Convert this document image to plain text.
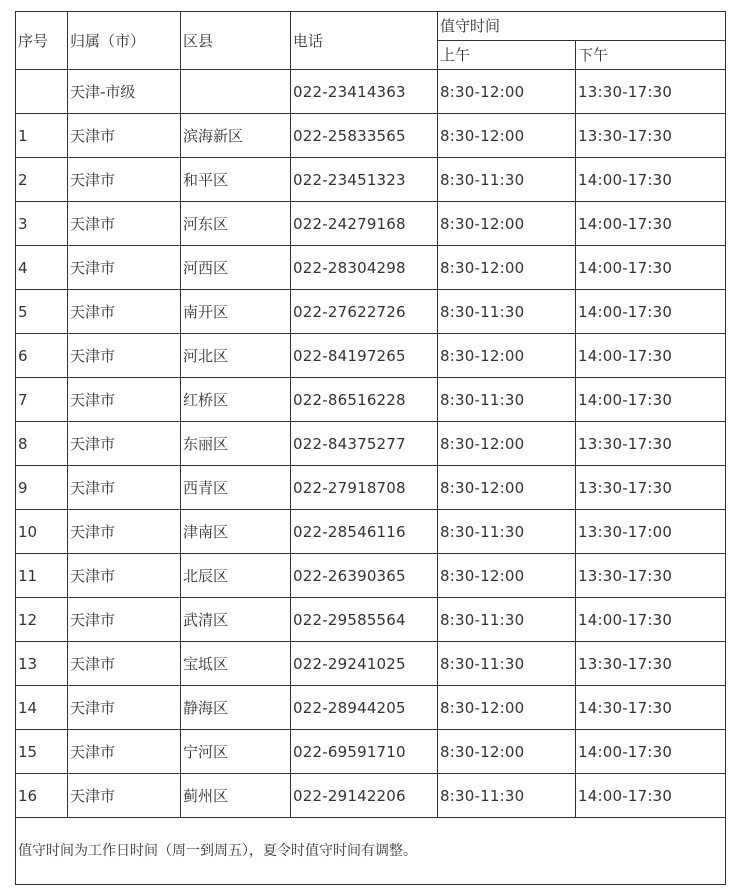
序号	归属（市）	区县	电话	值守时间	
				上午	下午
	天津-市级		022-23414363	8:30-12:00	13:30-17:30
1	天津市	滨海新区	022-25833565	8:30-12:00	13:30-17:30
2	天津市	和平区	022-23451323	8:30-11:30	14:00-17:30
3	天津市	河东区	022-24279168	8:30-12:00	14:00-17:30
4	天津市	河西区	022-28304298	8:30-12:00	14:00-17:30
5	天津市	南开区	022-27622726	8:30-11:30	14:00-17:30
6	天津市	河北区	022-84197265	8:30-12:00	14:00-17:30
7	天津市	红桥区	022-86516228	8:30-11:30	14:00-17:30
8	天津市	东丽区	022-84375277	8:30-12:00	13:30-17:30
9	天津市	西青区	022-27918708	8:30-12:00	13:30-17:30
10	天津市	津南区	022-28546116	8:30-11:30	13:30-17:00
11	天津市	北辰区	022-26390365	8:30-12:00	13:30-17:30
12	天津市	武清区	022-29585564	8:30-11:30	14:00-17:30
13	天津市	宝坻区	022-29241025	8:30-11:30	13:30-17:30
14	天津市	静海区	022-28944205	8:30-12:00	14:30-17:30
15	天津市	宁河区	022-69591710	8:30-12:00	14:00-17:30
16	天津市	蓟州区	022-29142206	8:30-11:30	14:00-17:30
值守时间为工作日时间（周一到周五），夏令时值守时间有调整。					
